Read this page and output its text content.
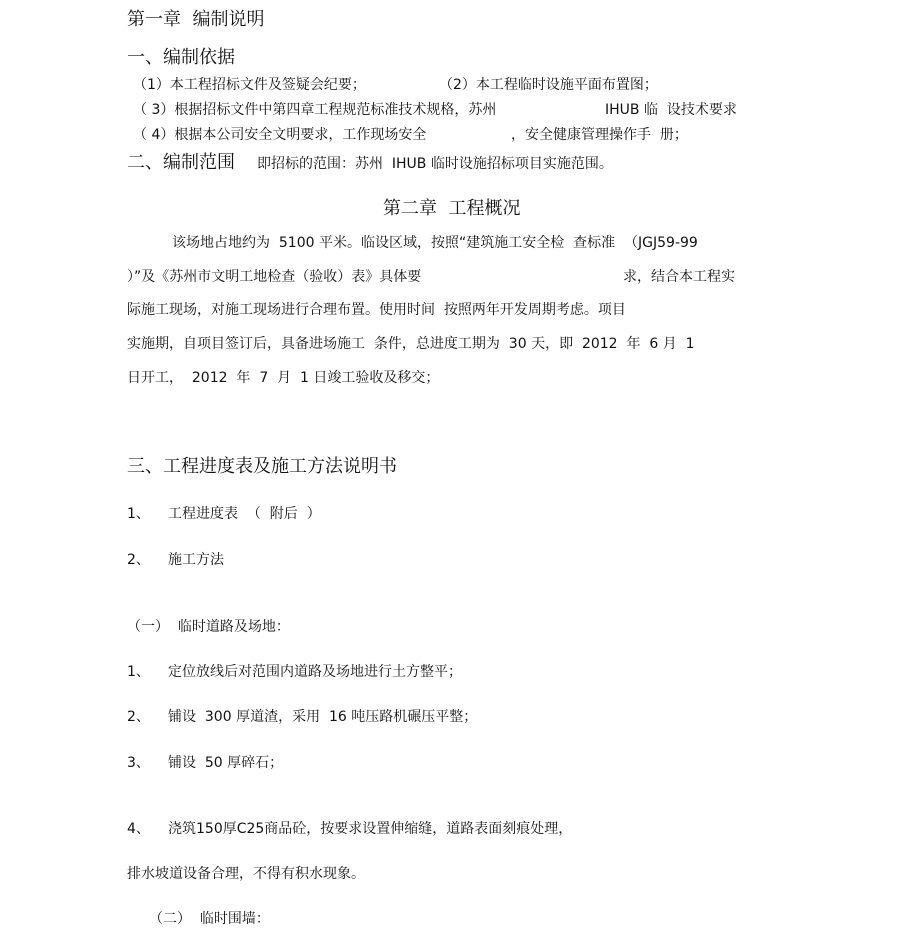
第一章  编制说明
一、编制依据
（1）本工程招标文件及签疑会纪要；	（2）本工程临时设施平面布置图；
（ 3）根据招标文件中第四章工程规范标准技术规格，苏州	IHUB 临  设技术要求
（ 4）根据本公司安全文明要求，工作现场安全	，安全健康管理操作手  册；
二、编制范围 即招标的范围：苏州  IHUB 临时设施招标项目实施范围。
第二章  工程概况
该场地占地约为  5100 平米。临设区域，按照“建筑施工安全检  查标准  （JGJ59-99
）”及《苏州市文明工地检查（验收）表》具体要	求，结合本工程实
际施工现场，对施工现场进行合理布置。使用时间  按照两年开发周期考虑。项目
实施期，自项目签订后，具备进场施工  条件，总进度工期为  30 天，即  2012  年  6 月  1
日开工，  2012  年  7  月  1 日竣工验收及移交；
三、工程进度表及施工方法说明书
1、 工程进度表  （  附后  ）
2、 施工方法
（一）  临时道路及场地：
1、 定位放线后对范围内道路及场地进行土方整平；
2、 铺设  300 厚道渣，采用  16 吨压路机碾压平整；
3、 铺设  50 厚碎石；
4、 浇筑150厚C25商品砼，按要求设置伸缩缝，道路表面刻痕处理，
排水坡道设备合理，不得有积水现象。
（二）  临时围墙：
